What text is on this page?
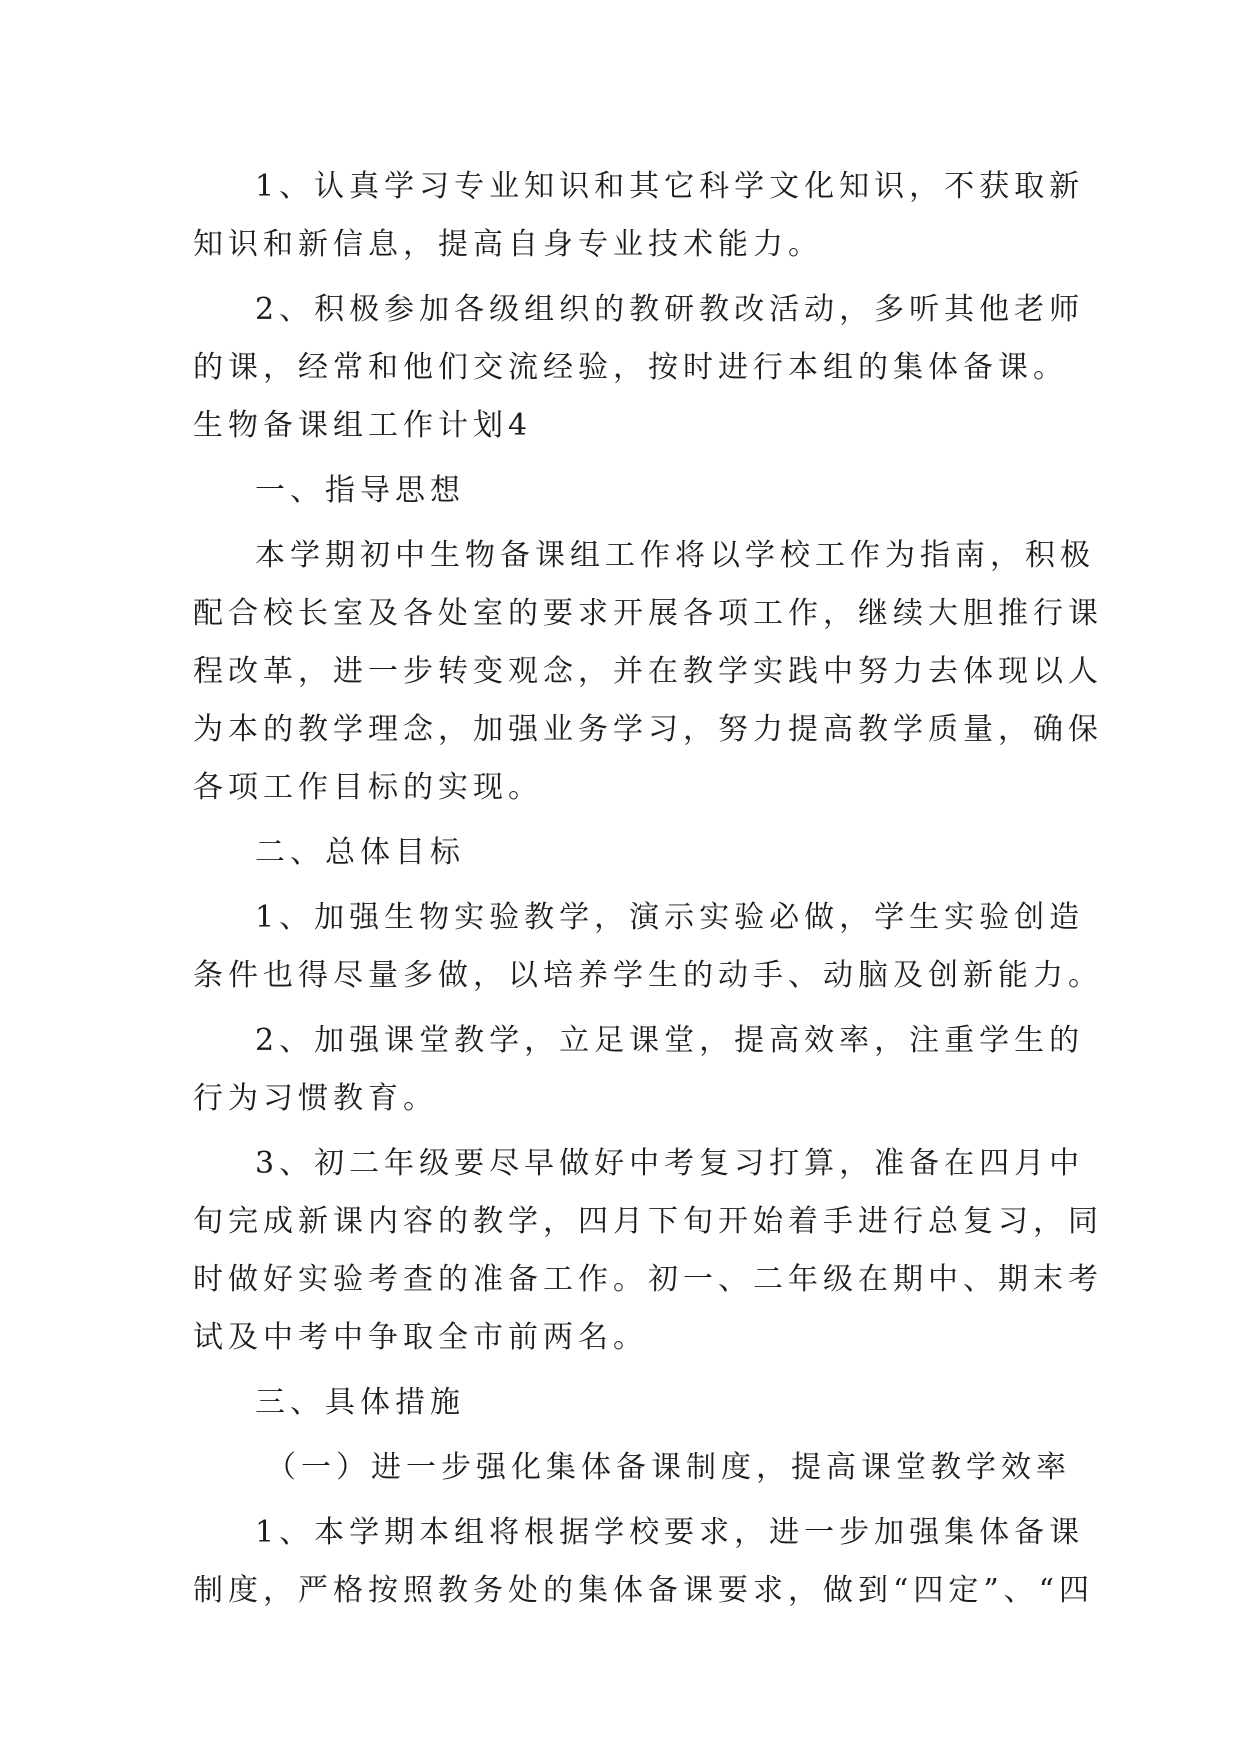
1、认真学习专业知识和其它科学文化知识，不获取新
知识和新信息，提高自身专业技术能力。
2、积极参加各级组织的教研教改活动，多听其他老师
的课，经常和他们交流经验，按时进行本组的集体备课。
生物备课组工作计划4
一、指导思想
本学期初中生物备课组工作将以学校工作为指南，积极
配合校长室及各处室的要求开展各项工作，继续大胆推行课
程改革，进一步转变观念，并在教学实践中努力去体现以人
为本的教学理念，加强业务学习，努力提高教学质量，确保
各项工作目标的实现。
二、总体目标
1、加强生物实验教学，演示实验必做，学生实验创造
条件也得尽量多做，以培养学生的动手、动脑及创新能力。
2、加强课堂教学，立足课堂，提高效率，注重学生的
行为习惯教育。
3、初二年级要尽早做好中考复习打算，准备在四月中
旬完成新课内容的教学，四月下旬开始着手进行总复习，同
时做好实验考查的准备工作。初一、二年级在期中、期末考
试及中考中争取全市前两名。
三、具体措施
（一）进一步强化集体备课制度，提高课堂教学效率
1、本学期本组将根据学校要求，进一步加强集体备课
制度，严格按照教务处的集体备课要求，做到“四定”、“四
